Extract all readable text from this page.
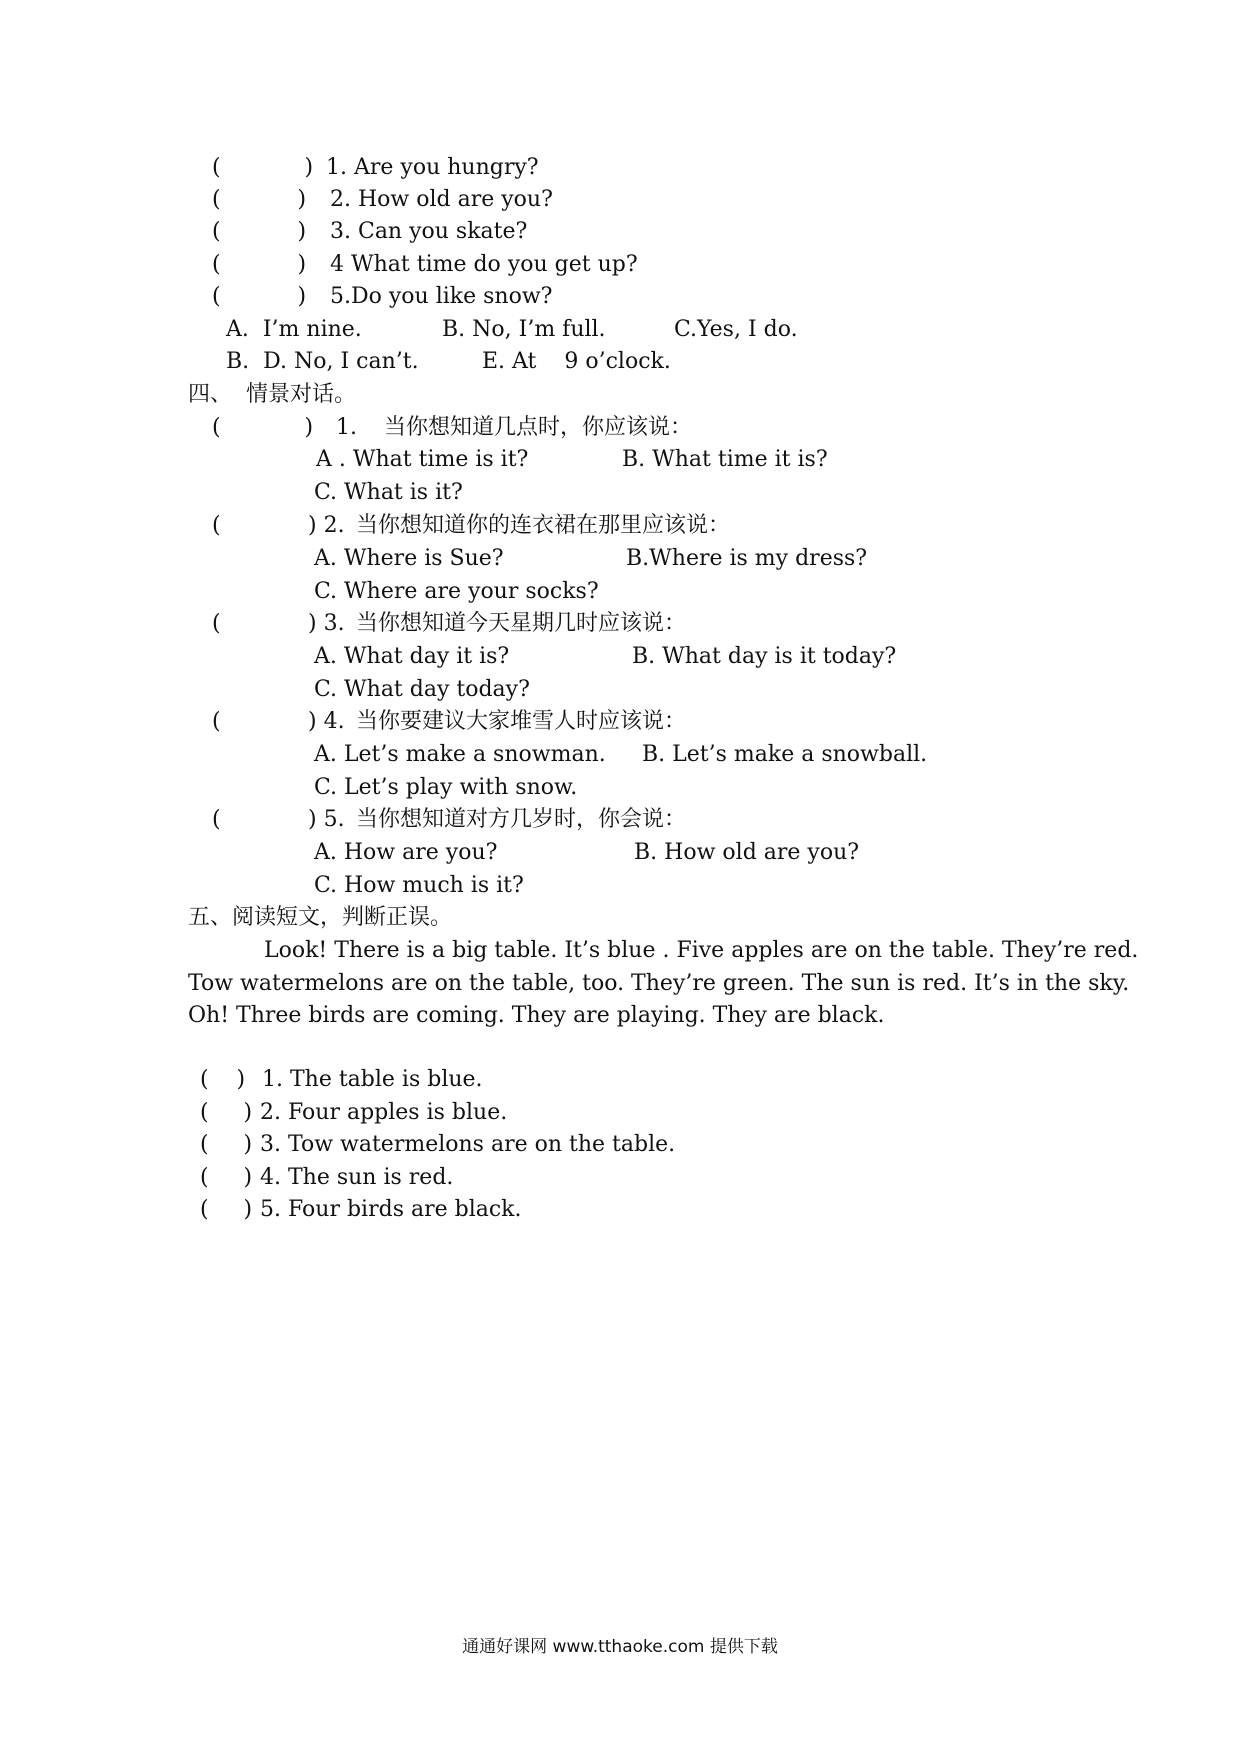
(            ) 1. Are you hungry?
(           ) 2. How old are you?
(           ) 3. Can you skate?
(           ) 4 What time do you get up?
(           ) 5.Do you like snow?
A.  I’m nine.	B. No, I’m full.	C.Yes, I do.
B.  D. No, I can’t.	E. At    9 o’clock.
四、  情景对话。
(            ) 1. 当你想知道几点时，你应该说：
A . What time is it?	B. What time it is?
C. What is it?
(	) 2. 当你想知道你的连衣裙在那里应该说：
A. Where is Sue?	B.Where is my dress?
C. Where are your socks?
(	) 3. 当你想知道今天星期几时应该说：
A. What day it is?	B. What day is it today?
C. What day today?
(	) 4. 当你要建议大家堆雪人时应该说：
A. Let’s make a snowman. B. Let’s make a snowball.
C. Let’s play with snow.
(	) 5. 当你想知道对方几岁时，你会说：
A. How are you?	B. How old are you?
C. How much is it?
五、阅读短文，判断正误。
Look! There is a big table. It’s blue . Five apples are on the table. They’re red.
Tow watermelons are on the table, too. They’re green. The sun is red. It’s in the sky.
Oh! Three birds are coming. They are playing. They are black.
(    ) 1. The table is blue.
(     ) 2. Four apples is blue.
(     ) 3. Tow watermelons are on the table.
(     ) 4. The sun is red.
(     ) 5. Four birds are black.
通通好课网 www.tthaoke.com 提供下载
